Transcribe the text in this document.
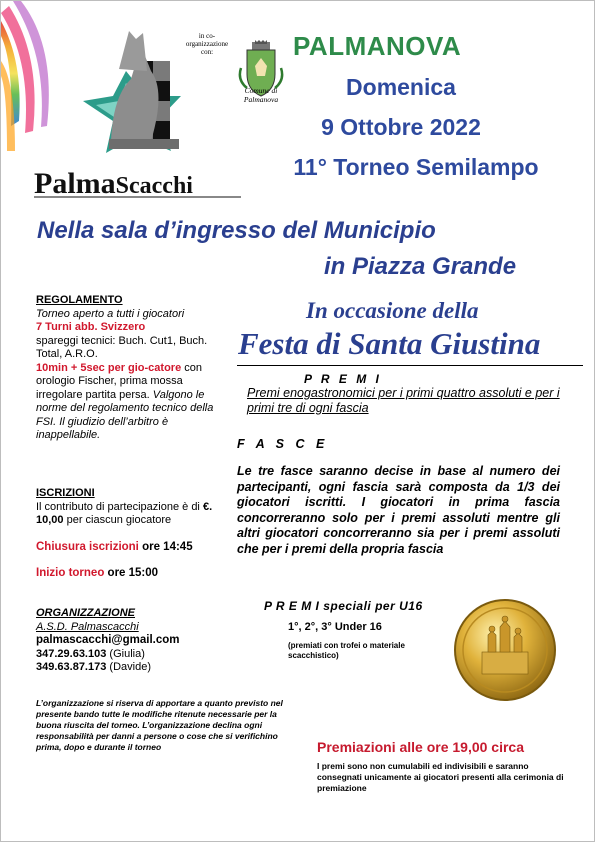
PalmaScacchi
in co-organizzazione con:
Comune di Palmanova
PALMANOVA
Domenica
9 Ottobre 2022
11° Torneo Semilampo
Nella sala d’ingresso del Municipio
in Piazza Grande
REGOLAMENTO
Torneo aperto a tutti i giocatori
7 Turni abb. Svizzero
spareggi tecnici: Buch. Cut1, Buch. Total, A.R.O.
10min + 5sec per gio-catore con orologio Fischer, prima mossa irregolare partita persa. Valgono le norme del regolamento tecnico della FSI. Il giudizio dell’arbitro è inappellabile.
ISCRIZIONI
Il contributo di partecipazione è di €. 10,00 per ciascun giocatore
Chiusura iscrizioni ore 14:45
Inizio torneo ore 15:00
ORGANIZZAZIONE
A.S.D. Palmascacchi
palmascacchi@gmail.com
347.29.63.103 (Giulia)
349.63.87.173 (Davide)
L’organizzazione si riserva di apportare a quanto previsto nel presente bando tutte le modifiche ritenute necessarie per la buona riuscita del torneo. L’organizzazione declina ogni responsabilità per danni a persone o cose che si verifichino prima, dopo e durante il torneo
In occasione della
Festa di Santa Giustina
P R E M I
Premi enogastronomici per i primi quattro assoluti e per i primi tre di ogni fascia
F A S C E
Le tre fasce saranno decise in base al numero dei partecipanti, ogni fascia sarà composta da 1/3 dei giocatori iscritti. I giocatori in prima fascia concorreranno solo per i premi assoluti mentre gli altri giocatori concorreranno sia per i premi assoluti che per i premi della propria fascia
P R E M I speciali per U16
1°, 2°, 3° Under 16
(premiati con trofei o materiale scacchistico)
Premiazioni alle ore 19,00 circa
I premi sono non cumulabili ed indivisibili e saranno consegnati unicamente ai giocatori presenti alla cerimonia di premiazione
